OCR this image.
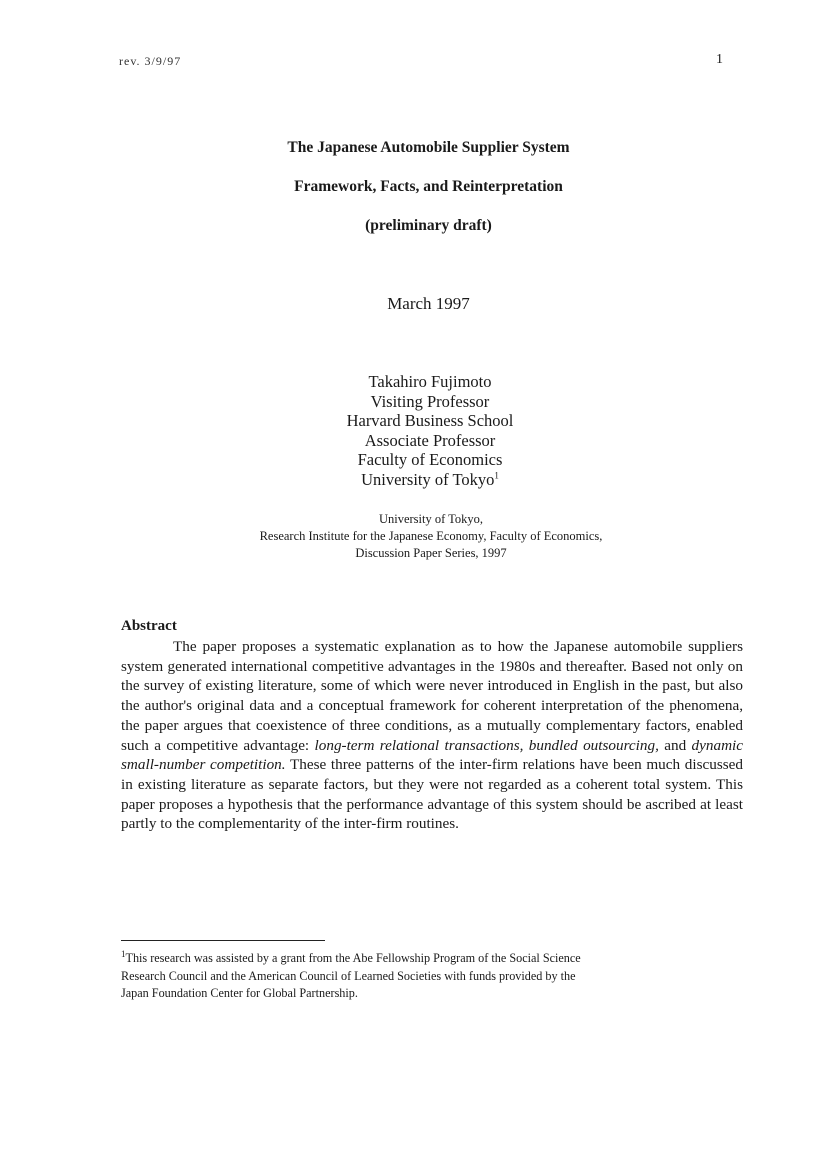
rev. 3/9/97	1
The Japanese Automobile Supplier System
Framework, Facts, and Reinterpretation
(preliminary draft)
March 1997
Takahiro Fujimoto
Visiting Professor
Harvard Business School
Associate Professor
Faculty of Economics
University of Tokyo$^1$
University of Tokyo,
Research Institute for the Japanese Economy, Faculty of Economics,
Discussion Paper Series, 1997
Abstract
The paper proposes a systematic explanation as to how the Japanese automobile suppliers system generated international competitive advantages in the 1980s and thereafter. Based not only on the survey of existing literature, some of which were never introduced in English in the past, but also the author's original data and a conceptual framework for coherent interpretation of the phenomena, the paper argues that coexistence of three conditions, as a mutually complementary factors, enabled such a competitive advantage: long-term relational transactions, bundled outsourcing, and dynamic small-number competition. These three patterns of the inter-firm relations have been much discussed in existing literature as separate factors, but they were not regarded as a coherent total system. This paper proposes a hypothesis that the performance advantage of this system should be ascribed at least partly to the complementarity of the inter-firm routines.
$^1$This research was assisted by a grant from the Abe Fellowship Program of the Social Science
Research Council and the American Council of Learned Societies with funds provided by the
Japan Foundation Center for Global Partnership.
